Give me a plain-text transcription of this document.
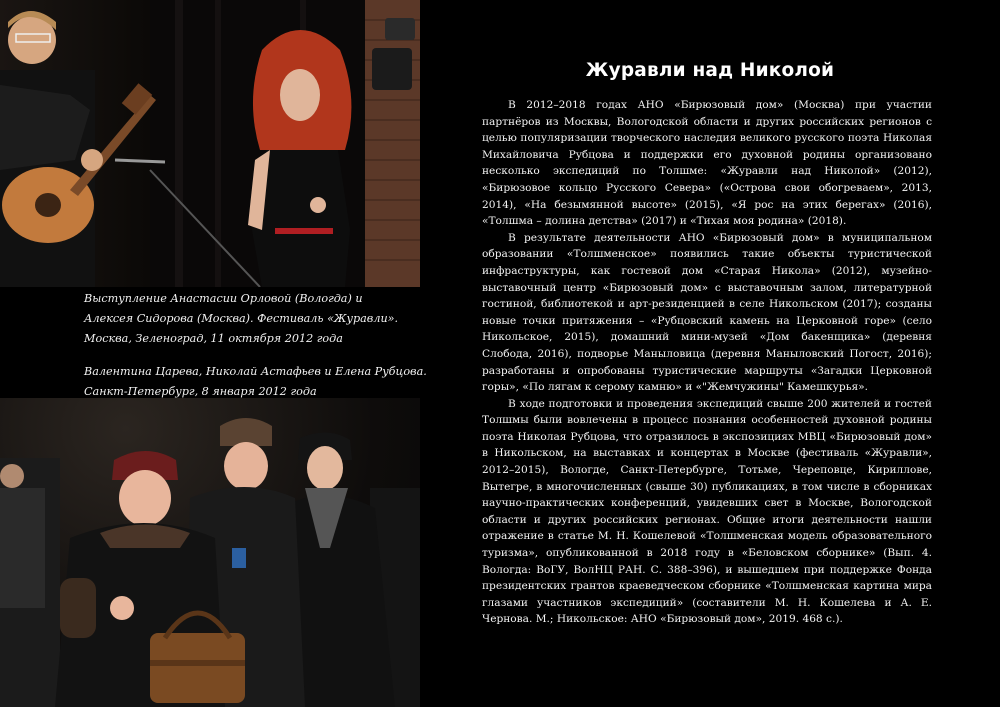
Выступление Анастасии Орловой (Вологда) и
Алексея Сидорова (Москва). Фестиваль «Журавли».
Москва, Зеленоград, 11 октября 2012 года
Валентина Царева, Николай Астафьев и Елена Рубцова.
Санкт-Петербург, 8 января 2012 года
Журавли над Николой

В 2012–2018 годах АНО «Бирюзовый дом» (Москва) при участии партнёров из Москвы, Вологодской области и других российских регионов с целью популяризации творческого наследия великого русского поэта Николая Михайловича Рубцова и поддержки его духовной родины организовано несколько экспедиций по Толшме: «Журавли над Николой» (2012), «Бирюзовое кольцо Русского Севера» («Острова свои обогреваем», 2013, 2014), «На безымянной высоте» (2015), «Я рос на этих берегах» (2016), «Толшма – долина детства» (2017) и «Тихая моя родина» (2018).

В результате деятельности АНО «Бирюзовый дом» в муниципальном образовании «Толшменское» появились такие объекты туристической инфраструктуры, как гостевой дом «Старая Никола» (2012), музейно-выставочный центр «Бирюзовый дом» с выставочным залом, литературной гостиной, библиотекой и арт-резиденцией в селе Никольском (2017); созданы новые точки притяжения – «Рубцовский камень на Церковной горе» (село Никольское, 2015), домашний мини-музей «Дом бакенщика» (деревня Слобода, 2016), подворье Маныловица (деревня Маныловский Погост, 2016); разработаны и опробованы туристические маршруты «Загадки Церковной горы», «По лягам к серому камню» и «"Жемчужины" Камешкурья».

В ходе подготовки и проведения экспедиций свыше 200 жителей и гостей Толшмы были вовлечены в процесс познания особенностей духовной родины поэта Николая Рубцова, что отразилось в экспозициях МВЦ «Бирюзовый дом» в Никольском, на выставках и концертах в Москве (фестиваль «Журавли», 2012–2015), Вологде, Санкт-Петербурге, Тотьме, Череповце, Кириллове, Вытегре, в многочисленных (свыше 30) публикациях, в том числе в сборниках научно-практических конференций, увидевших свет в Москве, Вологодской области и других российских регионах. Общие итоги деятельности нашли отражение в статье М. Н. Кошелевой «Толшменская модель образовательного туризма», опубликованной в 2018 году в «Беловском сборнике» (Вып. 4. Вологда: ВоГУ, ВолНЦ РАН. С. 388–396), и вышедшем при поддержке Фонда президентских грантов краеведческом сборнике «Толшменская картина мира глазами участников экспедиций» (составители М. Н. Кошелева и А. Е. Чернова. М.; Никольское: АНО «Бирюзовый дом», 2019. 468 с.).
